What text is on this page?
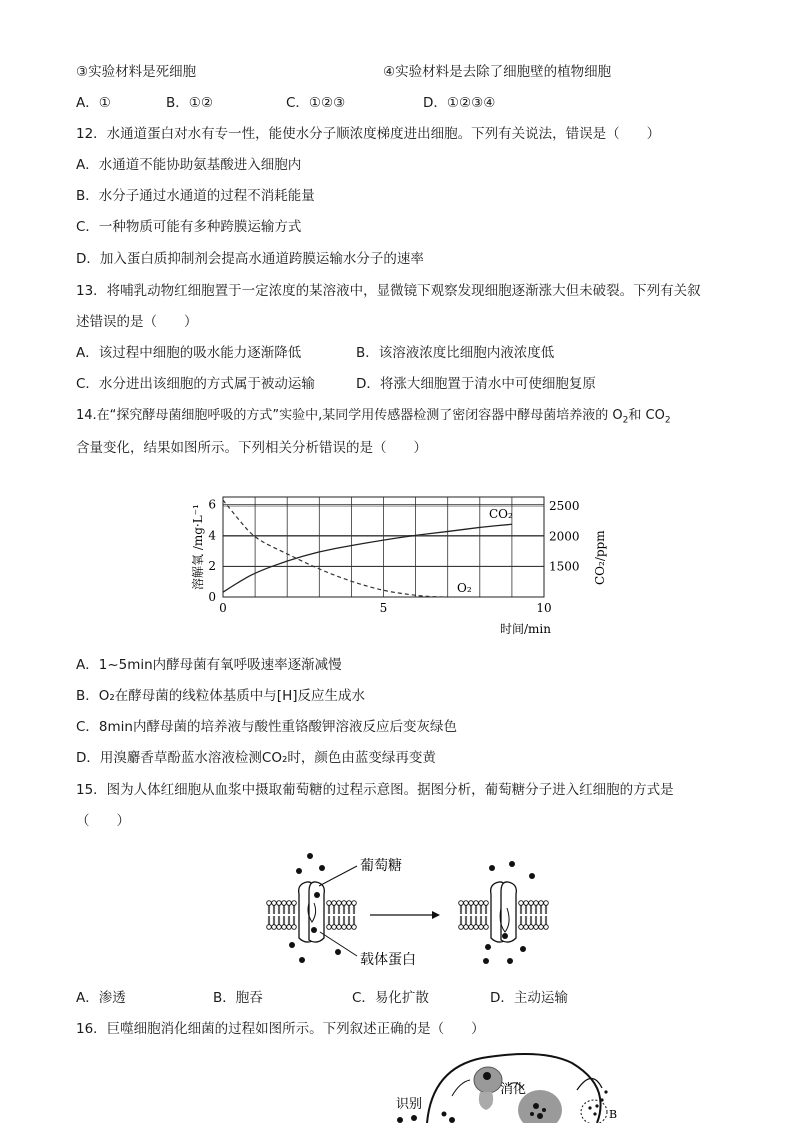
③实验材料是死细胞	④实验材料是去除了细胞壁的植物细胞
A．①	B．①②	C．①②③	D．①②③④
12．水通道蛋白对水有专一性，能使水分子顺浓度梯度进出细胞。下列有关说法，错误是（　　）
A．水通道不能协助氨基酸进入细胞内
B．水分子通过水通道的过程不消耗能量
C．一种物质可能有多种跨膜运输方式
D．加入蛋白质抑制剂会提高水通道跨膜运输水分子的速率
13．将哺乳动物红细胞置于一定浓度的某溶液中，显微镜下观察发现细胞逐渐涨大但未破裂。下列有关叙
述错误的是（　　）
A．该过程中细胞的吸水能力逐渐降低	B．该溶液浓度比细胞内液浓度低
C．水分进出该细胞的方式属于被动运输	D．将涨大细胞置于清水中可使细胞复原
14.在“探究酵母菌细胞呼吸的方式”实验中,某同学用传感器检测了密闭容器中酵母菌培养液的 $O_2$和 $CO_2$
含量变化，结果如图所示。下列相关分析错误的是（　　）
0
2
4
6
1500
2000
2500
0	5	10
CO₂
O₂
溶解氧 /mg·L⁻¹	CO₂/ppm
时间/min
A．1~5min内酵母菌有氧呼吸速率逐渐减慢
B．O₂在酵母菌的线粒体基质中与[H]反应生成水
C．8min内酵母菌的培养液与酸性重铬酸钾溶液反应后变灰绿色
D．用溴麝香草酚蓝水溶液检测CO₂时，颜色由蓝变绿再变黄
15．图为人体红细胞从血浆中摄取葡萄糖的过程示意图。据图分析，葡萄糖分子进入红细胞的方式是
（　　）
葡萄糖
载体蛋白
A．渗透	B．胞吞	C．易化扩散	D．主动运输
16．巨噬细胞消化细菌的过程如图所示。下列叙述正确的是（　　）
消化
识别
B
